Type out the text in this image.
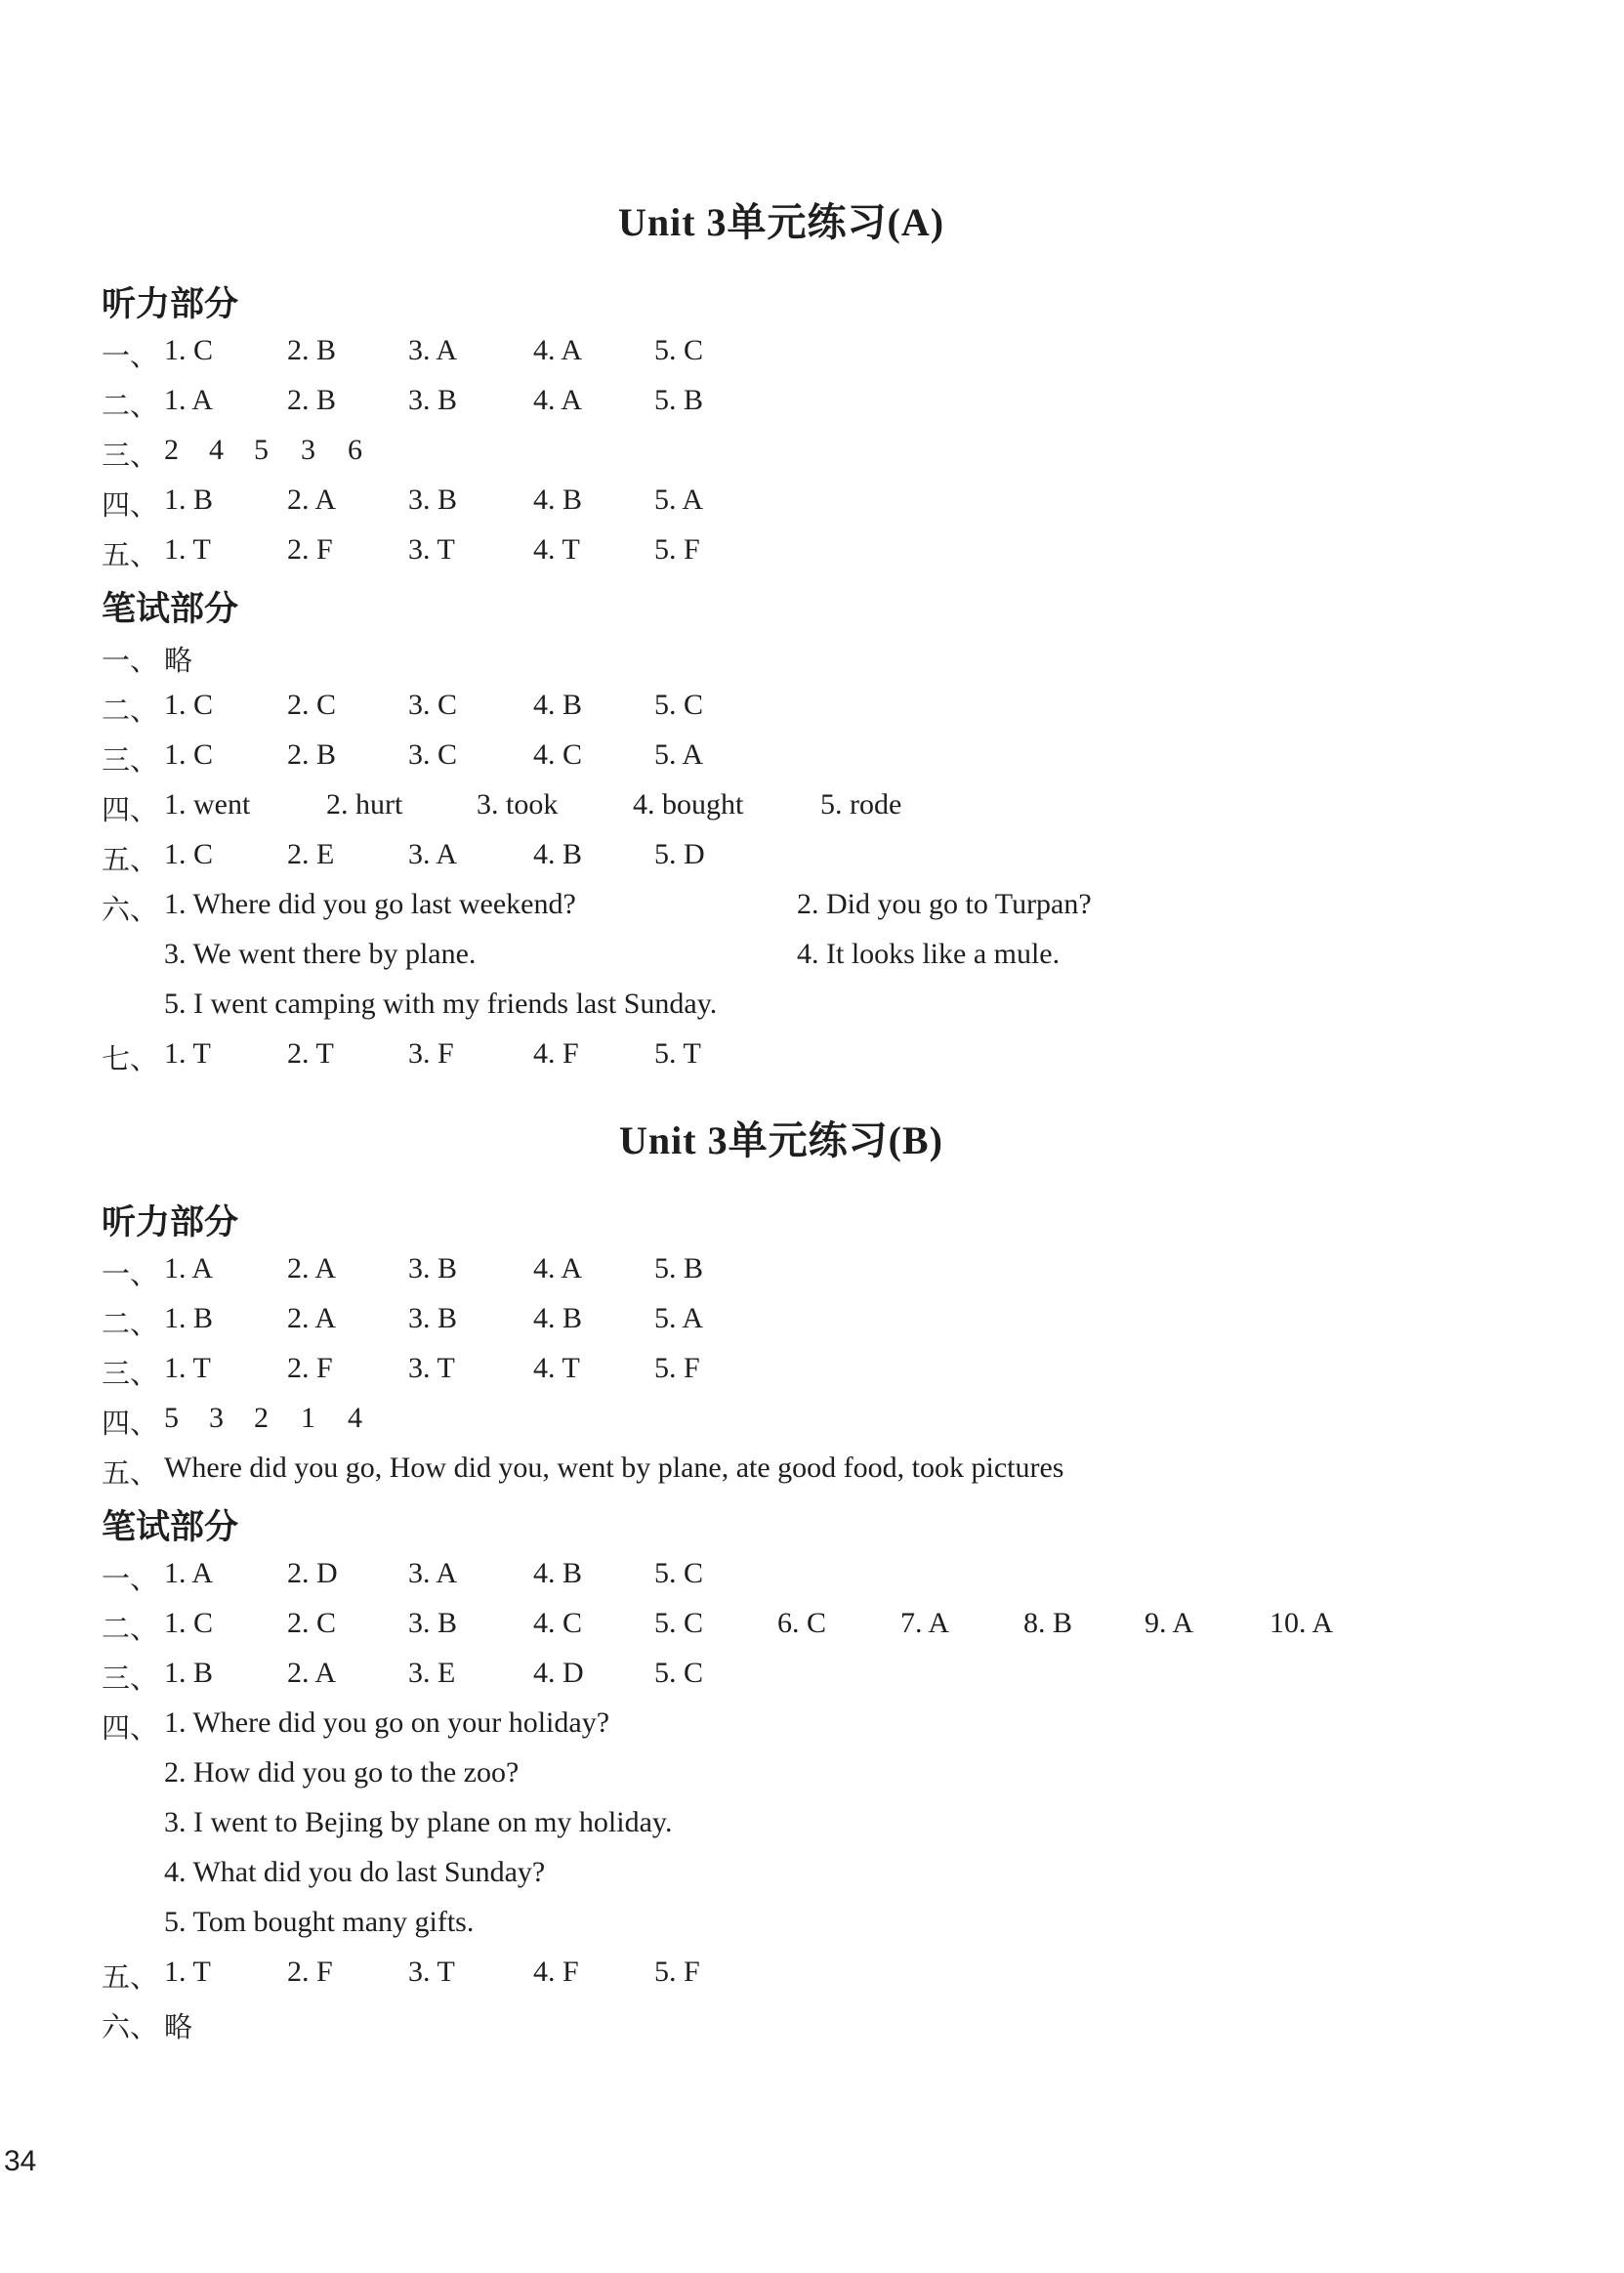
Unit 3单元练习(A)
听力部分
一、 1. C	2. B 3. A	4. A 5. C
二、 1. A	2. B 3. B	4. A 5. B
三、 2 4 5 3 6
四、 1. B	2. A 3. B	4. B 5. A
五、 1. T	2. F	3. T	4. T	5. F
笔试部分
一、 略
二、 1. C	2. C 3. C	4. B 5. C
三、 1. C	2. B 3. C	4. C 5. A
四、 1. went	2. hurt	3. took	4. bought	5. rode
五、 1. C	2. E	3. A	4. B 5. D
六、 1. Where did you go last weekend?	2. Did you go to Turpan?
3. We went there by plane.	4. It looks like a mule.
5. I went camping with my friends last Sunday.
七、 1. T	2. T	3. F	4. F	5. T
Unit 3单元练习(B)
听力部分
一、 1. A	2. A 3. B	4. A 5. B
二、 1. B	2. A 3. B	4. B 5. A
三、 1. T	2. F	3. T	4. T	5. F
四、 5 3 2 1 4
五、 Where did you go, How did you, went by plane, ate good food, took pictures
笔试部分
一、 1. A	2. D 3. A	4. B 5. C
二、 1. C	2. C 3. B	4. C 5. C	6. C	7. A	8. B 9. A	10. A
三、 1. B	2. A 3. E	4. D 5. C
四、 1. Where did you go on your holiday?
2. How did you go to the zoo?
3. I went to Bejing by plane on my holiday.
4. What did you do last Sunday?
5. Tom bought many gifts.
五、 1. T	2. F	3. T	4. F	5. F
六、 略
34
